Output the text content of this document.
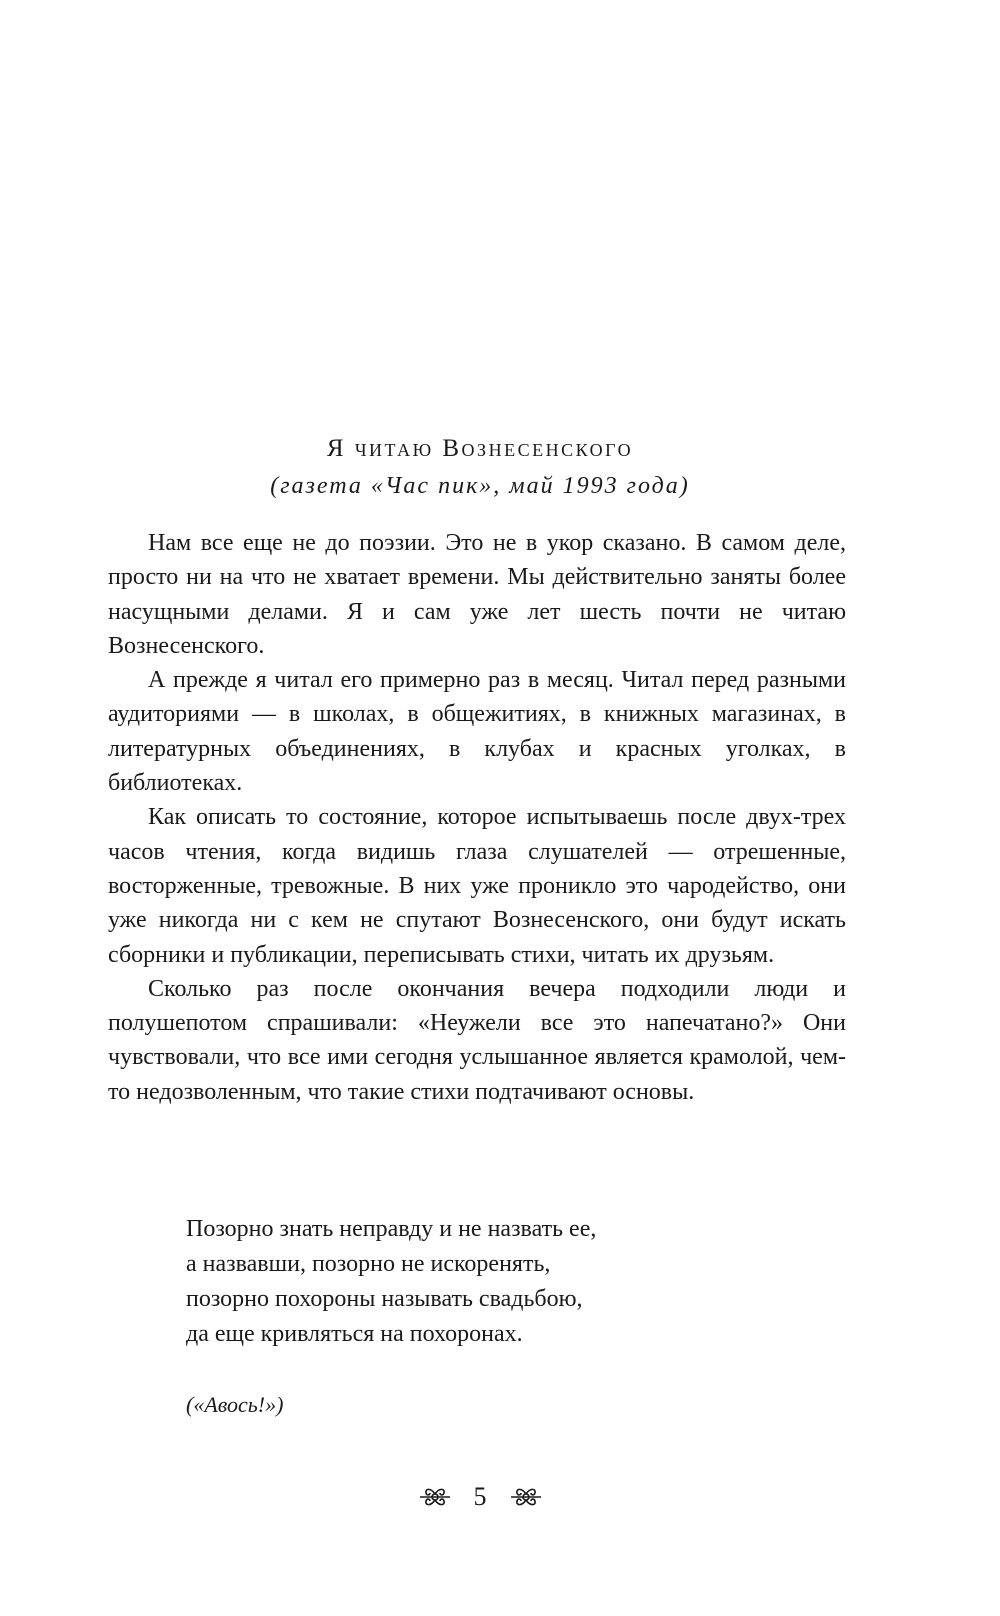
Я читаю Вознесенского
(газета «Час пик», май 1993 года)

Нам все еще не до поэзии. Это не в укор сказано. В самом деле, просто ни на что не хватает времени. Мы действительно заняты более насущными делами. Я и сам уже лет шесть почти не читаю Вознесенского.

А прежде я читал его примерно раз в месяц. Читал перед разными аудиториями — в школах, в общежитиях, в книжных магазинах, в литературных объединениях, в клубах и красных уголках, в библиотеках.

Как описать то состояние, которое испытываешь после двух-трех часов чтения, когда видишь глаза слушателей — отрешенные, восторженные, тревожные. В них уже проникло это чародейство, они уже никогда ни с кем не спутают Вознесенского, они будут искать сборники и публикации, переписывать стихи, читать их друзьям.

Сколько раз после окончания вечера подходили люди и полушепотом спрашивали: «Неужели все это напечатано?» Они чувствовали, что все ими сегодня услышанное является крамолой, чем-то недозволенным, что такие стихи подтачивают основы.

Позорно знать неправду и не назвать ее,
а назвавши, позорно не искоренять,
позорно похороны называть свадьбою,
да еще кривляться на похоронах.
(«Авось!»)
5
